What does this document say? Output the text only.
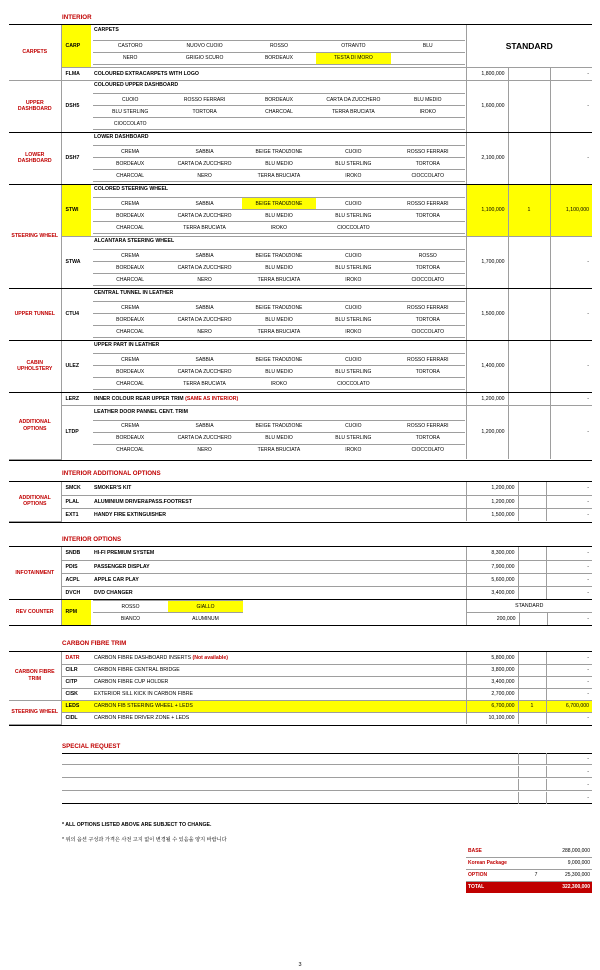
INTERIOR
CARPETS	CARP	
CARPETS
CASTORO	NUOVO CUOIO	ROSSO	OTRANTO	BLU
NERO	GRIGIO SCURO	BORDEAUX	TESTA DI MORO	
	STANDARD
FLMA	COLOURED EXTRACARPETS WITH LOGO	1,800,000		-
UPPER DASHBOARD	DSH5	
COLOURED UPPER DASHBOARD
CUOIO	ROSSO FERRARI	BORDEAUX	CARTA DA ZUCCHERO	BLU MEDIO
BLU STERLING	TORTORA	CHARCOAL	TERRA BRUCIATA	IROKO
CIOCCOLATO				
	1,600,000		-
LOWER DASHBOARD	DSH7	
LOWER DASHBOARD
CREMA	SABBIA	BEIGE TRADIZIONE	CUOIO	ROSSO FERRARI
BORDEAUX	CARTA DA ZUCCHERO	BLU MEDIO	BLU STERLING	TORTORA
CHARCOAL	NERO	TERRA BRUCIATA	IROKO	CIOCCOLATO
	2,100,000		-
STEERING WHEEL	STWI	
COLORED STEERING WHEEL
CREMA	SABBIA	BEIGE TRADIZIONE	CUOIO	ROSSO FERRARI
BORDEAUX	CARTA DA ZUCCHERO	BLU MEDIO	BLU STERLING	TORTORA
CHARCOAL	TERRA BRUCIATA	IROKO	CIOCCOLATO	
	1,100,000	1	1,100,000
STWA	
ALCANTARA STEERING WHEEL
CREMA	SABBIA	BEIGE TRADIZIONE	CUOIO	ROSSO
BORDEAUX	CARTA DA ZUCCHERO	BLU MEDIO	BLU STERLING	TORTORA
CHARCOAL	NERO	TERRA BRUCIATA	IROKO	CIOCCOLATO
	1,700,000		-
UPPER TUNNEL	CTU4	
CENTRAL TUNNEL IN LEATHER
CREMA	SABBIA	BEIGE TRADIZIONE	CUOIO	ROSSO FERRARI
BORDEAUX	CARTA DA ZUCCHERO	BLU MEDIO	BLU STERLING	TORTORA
CHARCOAL	NERO	TERRA BRUCIATA	IROKO	CIOCCOLATO
	1,500,000		-
CABIN UPHOLSTERY	ULEZ	
UPPER PART IN LEATHER
CREMA	SABBIA	BEIGE TRADIZIONE	CUOIO	ROSSO FERRARI
BORDEAUX	CARTA DA ZUCCHERO	BLU MEDIO	BLU STERLING	TORTORA
CHARCOAL	TERRA BRUCIATA	IROKO	CIOCCOLATO	
	1,400,000		-
ADDITIONAL OPTIONS	LERZ	INNER COLOUR REAR UPPER TRIM (SAME AS INTERIOR)	1,200,000		-
LTDP	
LEATHER DOOR PANNEL CENT. TRIM
CREMA	SABBIA	BEIGE TRADIZIONE	CUOIO	ROSSO FERRARI
BORDEAUX	CARTA DA ZUCCHERO	BLU MEDIO	BLU STERLING	TORTORA
CHARCOAL	NERO	TERRA BRUCIATA	IROKO	CIOCCOLATO
	1,200,000		-
INTERIOR ADDITIONAL OPTIONS
ADDITIONAL OPTIONS	SMCK	SMOKER'S KIT	1,200,000		-
	PLAL	ALUMINIUM DRIVER&PASS.FOOTREST	1,200,000		-
	EXT1	HANDY FIRE EXTINGUISHER	1,500,000		-
INTERIOR OPTIONS
INFOTAINMENT	SNDB	HI-FI PREMIUM SYSTEM	8,300,000		-
PDIS	PASSENGER DISPLAY	7,900,000		-
ACPL	APPLE CAR PLAY	5,600,000		-
DVCH	DVD CHANGER	3,400,000		-
REV COUNTER	RPM	
ROSSO	GIALLO
BIANCO	ALUMINUM

STANDARD
200,000	-
CARBON FIBRE TRIM
CARBON FIBRE TRIM	DATR	CARBON FIBRE DASHBOARD INSERTS (Not available)	5,800,000		-
	CILR	CARBON FIBRE CENTRAL BRIDGE	3,800,000		-
	CITP	CARBON FIBRE CUP HOLDER	3,400,000		-
	CISK	EXTERIOR SILL KICK IN CARBON FIBRE	2,700,000		-
STEERING WHEEL	LEDS	CARBON FIB STEERING WHEEL + LEDS	6,700,000	1	6,700,000
	CIDL	CARBON FIBRE DRIVER ZONE + LEDS	10,100,000		-
SPECIAL REQUEST
-
-
-
-
* ALL OPTIONS LISTED ABOVE ARE SUBJECT TO CHANGE.
* 위의 옵션 구성과 가격은 사전 고지 없이 변경될 수 있음을 양지 바랍니다
BASE		288,000,000
Korean Package		9,000,000
OPTION	7	25,300,000
TOTAL		322,300,000
3
